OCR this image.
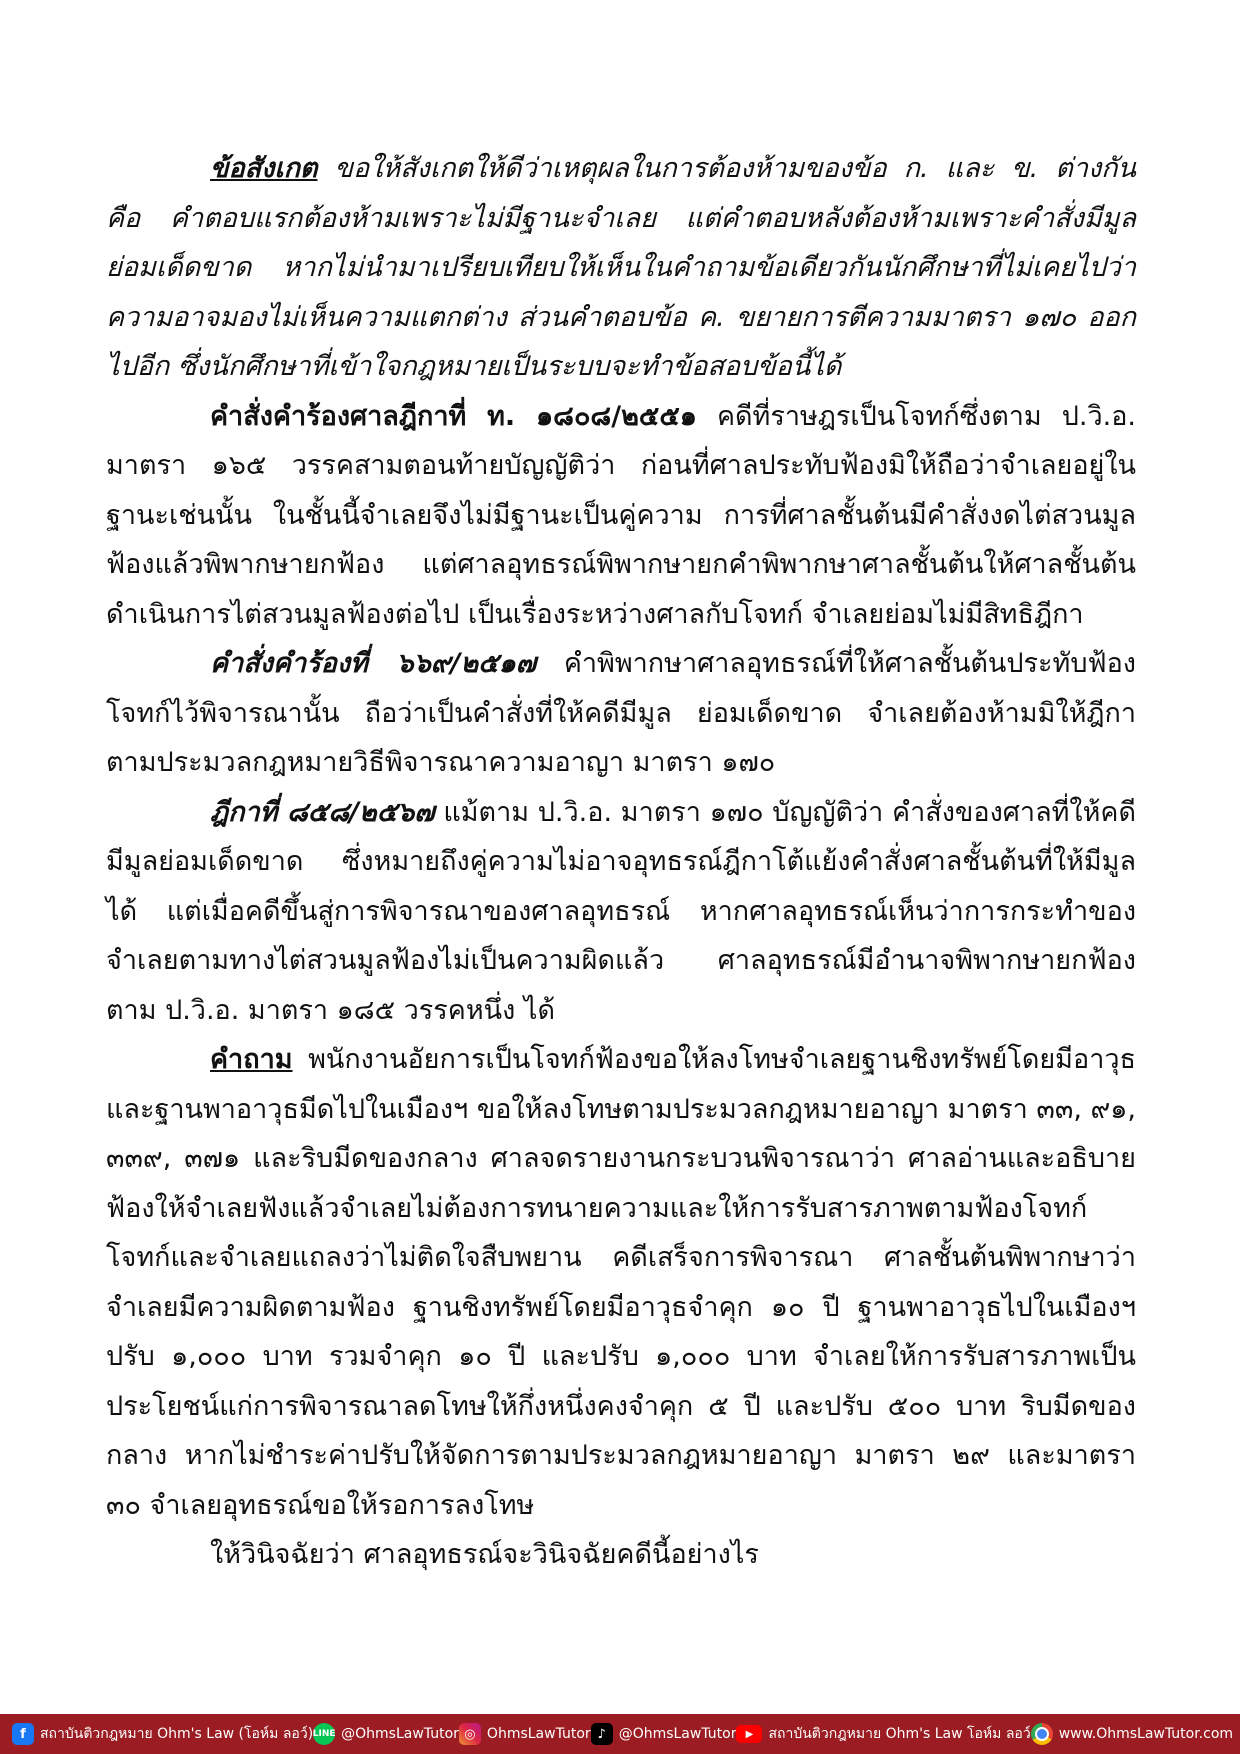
ข้อสังเกต ขอให้สังเกตให้ดีว่าเหตุผลในการต้องห้ามของข้อ ก. และ ข. ต่างกัน คือ คำตอบแรกต้องห้ามเพราะไม่มีฐานะจำเลย แต่คำตอบหลังต้องห้ามเพราะคำสั่งมีมูลย่อมเด็ดขาด หากไม่นำมาเปรียบเทียบให้เห็นในคำถามข้อเดียวกันนักศึกษาที่ไม่เคยไปว่าความอาจมองไม่เห็นความแตกต่าง ส่วนคำตอบข้อ ค. ขยายการตีความมาตรา ๑๗๐ ออกไปอีก ซึ่งนักศึกษาที่เข้าใจกฎหมายเป็นระบบจะทำข้อสอบข้อนี้ได้

คำสั่งคำร้องศาลฎีกาที่ ท. ๑๘๐๘/๒๕๕๑ คดีที่ราษฎรเป็นโจทก์ซึ่งตาม ป.วิ.อ. มาตรา ๑๖๕ วรรคสามตอนท้ายบัญญัติว่า ก่อนที่ศาลประทับฟ้องมิให้ถือว่าจำเลยอยู่ในฐานะเช่นนั้น ในชั้นนี้จำเลยจึงไม่มีฐานะเป็นคู่ความ การที่ศาลชั้นต้นมีคำสั่งงดไต่สวนมูลฟ้องแล้วพิพากษายกฟ้อง แต่ศาลอุทธรณ์พิพากษายกคำพิพากษาศาลชั้นต้นให้ศาลชั้นต้นดำเนินการไต่สวนมูลฟ้องต่อไป เป็นเรื่องระหว่างศาลกับโจทก์ จำเลยย่อมไม่มีสิทธิฎีกา

คำสั่งคำร้องที่ ๖๖๙/๒๕๑๗ คำพิพากษาศาลอุทธรณ์ที่ให้ศาลชั้นต้นประทับฟ้องโจทก์ไว้พิจารณานั้น ถือว่าเป็นคำสั่งที่ให้คดีมีมูล ย่อมเด็ดขาด จำเลยต้องห้ามมิให้ฎีกาตามประมวลกฎหมายวิธีพิจารณาความอาญา มาตรา ๑๗๐

ฎีกาที่ ๘๕๘/๒๕๖๗ แม้ตาม ป.วิ.อ. มาตรา ๑๗๐ บัญญัติว่า คำสั่งของศาลที่ให้คดีมีมูลย่อมเด็ดขาด ซึ่งหมายถึงคู่ความไม่อาจอุทธรณ์ฎีกาโต้แย้งคำสั่งศาลชั้นต้นที่ให้มีมูลได้ แต่เมื่อคดีขึ้นสู่การพิจารณาของศาลอุทธรณ์ หากศาลอุทธรณ์เห็นว่าการกระทำของจำเลยตามทางไต่สวนมูลฟ้องไม่เป็นความผิดแล้ว ศาลอุทธรณ์มีอำนาจพิพากษายกฟ้องตาม ป.วิ.อ. มาตรา ๑๘๕ วรรคหนึ่ง ได้

คำถาม พนักงานอัยการเป็นโจทก์ฟ้องขอให้ลงโทษจำเลยฐานชิงทรัพย์โดยมีอาวุธและฐานพาอาวุธมีดไปในเมืองฯ ขอให้ลงโทษตามประมวลกฎหมายอาญา มาตรา ๓๓, ๙๑, ๓๓๙, ๓๗๑ และริบมีดของกลาง ศาลจดรายงานกระบวนพิจารณาว่า ศาลอ่านและอธิบายฟ้องให้จำเลยฟังแล้วจำเลยไม่ต้องการทนายความและให้การรับสารภาพตามฟ้องโจทก์ โจทก์และจำเลยแถลงว่าไม่ติดใจสืบพยาน คดีเสร็จการพิจารณา ศาลชั้นต้นพิพากษาว่าจำเลยมีความผิดตามฟ้อง ฐานชิงทรัพย์โดยมีอาวุธจำคุก ๑๐ ปี ฐานพาอาวุธไปในเมืองฯ ปรับ ๑,๐๐๐ บาท รวมจำคุก ๑๐ ปี และปรับ ๑,๐๐๐ บาท จำเลยให้การรับสารภาพเป็นประโยชน์แก่การพิจารณาลดโทษให้กึ่งหนึ่งคงจำคุก ๕ ปี และปรับ ๕๐๐ บาท ริบมีดของกลาง หากไม่ชำระค่าปรับให้จัดการตามประมวลกฎหมายอาญา มาตรา ๒๙ และมาตรา ๓๐ จำเลยอุทธรณ์ขอให้รอการลงโทษ

ให้วินิจฉัยว่า ศาลอุทธรณ์จะวินิจฉัยคดีนี้อย่างไร

f	สถาบันติวกฎหมาย Ohm's Law (โอห์ม ลอว์) LINE @OhmsLawTutor ◎ OhmsLawTutor ♪ @OhmsLawTutor ▶	สถาบันติวกฎหมาย Ohm's Law โอห์ม ลอว์ www.OhmsLawTutor.com
